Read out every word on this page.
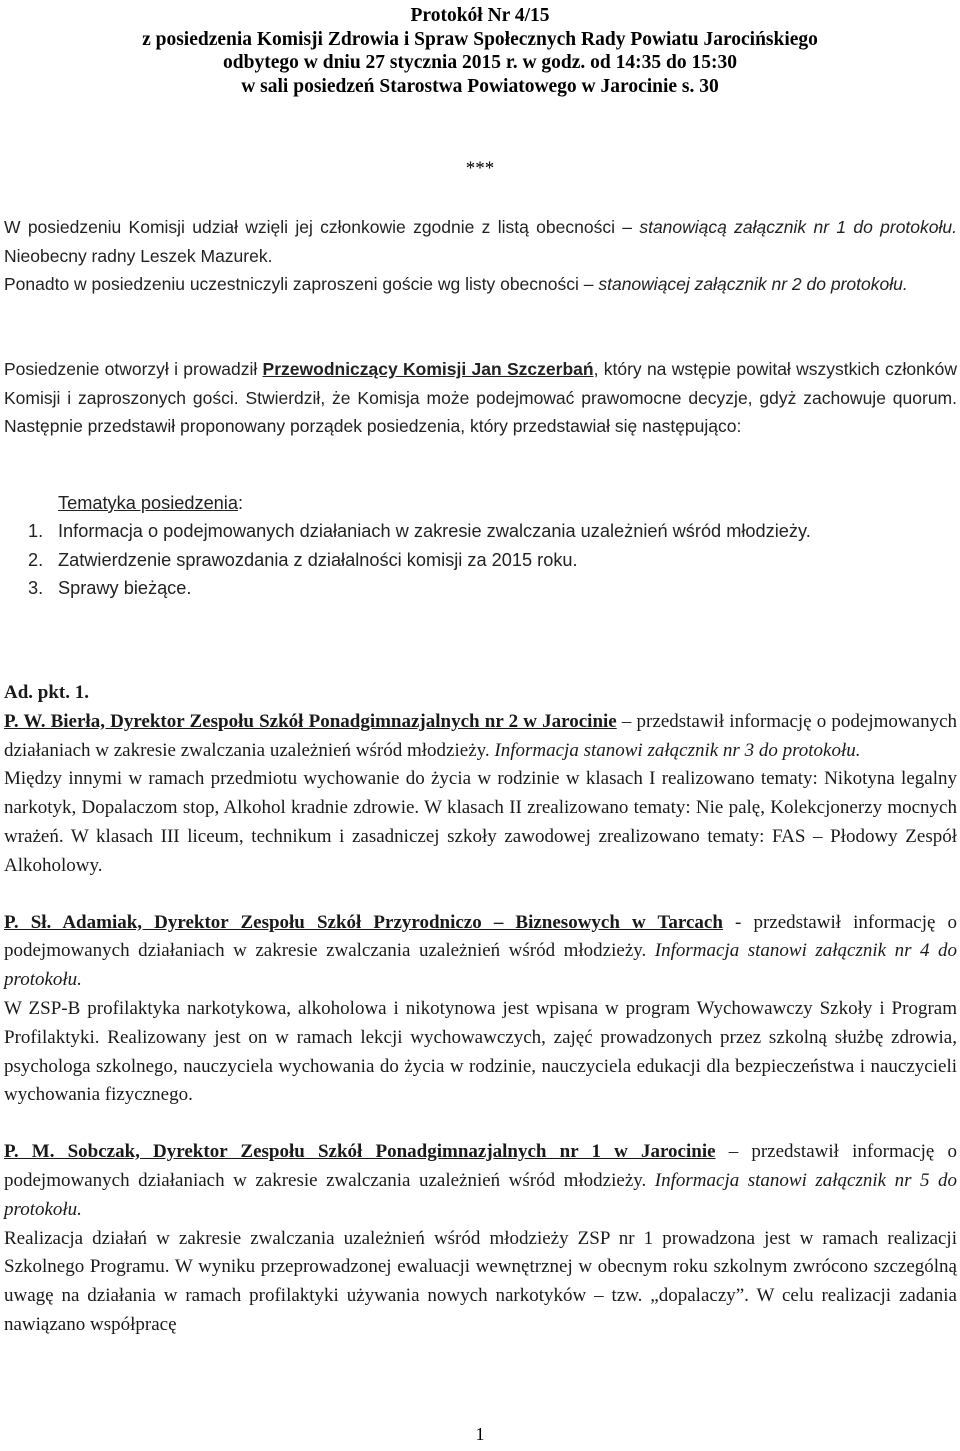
Protokół Nr 4/15
z posiedzenia Komisji Zdrowia i Spraw Społecznych Rady Powiatu Jarocińskiego
odbytego w dniu 27 stycznia 2015 r. w godz. od 14:35 do 15:30
w sali posiedzeń Starostwa Powiatowego w Jarocinie s. 30
***
W posiedzeniu Komisji udział wzięli jej członkowie zgodnie z listą obecności – stanowiącą załącznik nr 1 do protokołu. Nieobecny radny Leszek Mazurek.
Ponadto w posiedzeniu uczestniczyli zaproszeni goście wg listy obecności – stanowiącej załącznik nr 2 do protokołu.
Posiedzenie otworzył i prowadził Przewodniczący Komisji Jan Szczerbań, który na wstępie powitał wszystkich członków Komisji i zaproszonych gości. Stwierdził, że Komisja może podejmować prawomocne decyzje, gdyż zachowuje quorum. Następnie przedstawił proponowany porządek posiedzenia, który przedstawiał się następująco:
Tematyka posiedzenia:
1. Informacja o podejmowanych działaniach w zakresie zwalczania uzależnień wśród młodzieży.
2. Zatwierdzenie sprawozdania z działalności komisji za 2015 roku.
3. Sprawy bieżące.
Ad. pkt. 1.
P. W. Bierła, Dyrektor Zespołu Szkół Ponadgimnazjalnych nr 2 w Jarocinie – przedstawił informację o podejmowanych działaniach w zakresie zwalczania uzależnień wśród młodzieży. Informacja stanowi załącznik nr 3 do protokołu.
Między innymi w ramach przedmiotu wychowanie do życia w rodzinie w klasach I realizowano tematy: Nikotyna legalny narkotyk, Dopalaczom stop, Alkohol kradnie zdrowie. W klasach II zrealizowano tematy: Nie palę, Kolekcjonerzy mocnych wrażeń. W klasach III liceum, technikum i zasadniczej szkoły zawodowej zrealizowano tematy: FAS – Płodowy Zespół Alkoholowy.
P. Sł. Adamiak, Dyrektor Zespołu Szkół Przyrodniczo – Biznesowych w Tarcach - przedstawił informację o podejmowanych działaniach w zakresie zwalczania uzależnień wśród młodzieży. Informacja stanowi załącznik nr 4 do protokołu.
W ZSP-B profilaktyka narkotykowa, alkoholowa i nikotynowa jest wpisana w program Wychowawczy Szkoły i Program Profilaktyki. Realizowany jest on w ramach lekcji wychowawczych, zajęć prowadzonych przez szkolną służbę zdrowia, psychologa szkolnego, nauczyciela wychowania do życia w rodzinie, nauczyciela edukacji dla bezpieczeństwa i nauczycieli wychowania fizycznego.
P. M. Sobczak, Dyrektor Zespołu Szkół Ponadgimnazjalnych nr 1 w Jarocinie – przedstawił informację o podejmowanych działaniach w zakresie zwalczania uzależnień wśród młodzieży. Informacja stanowi załącznik nr 5 do protokołu.
Realizacja działań w zakresie zwalczania uzależnień wśród młodzieży ZSP nr 1 prowadzona jest w ramach realizacji Szkolnego Programu. W wyniku przeprowadzonej ewaluacji wewnętrznej w obecnym roku szkolnym zwrócono szczególną uwagę na działania w ramach profilaktyki używania nowych narkotyków – tzw. „dopalaczy”. W celu realizacji zadania nawiązano współpracę
1
